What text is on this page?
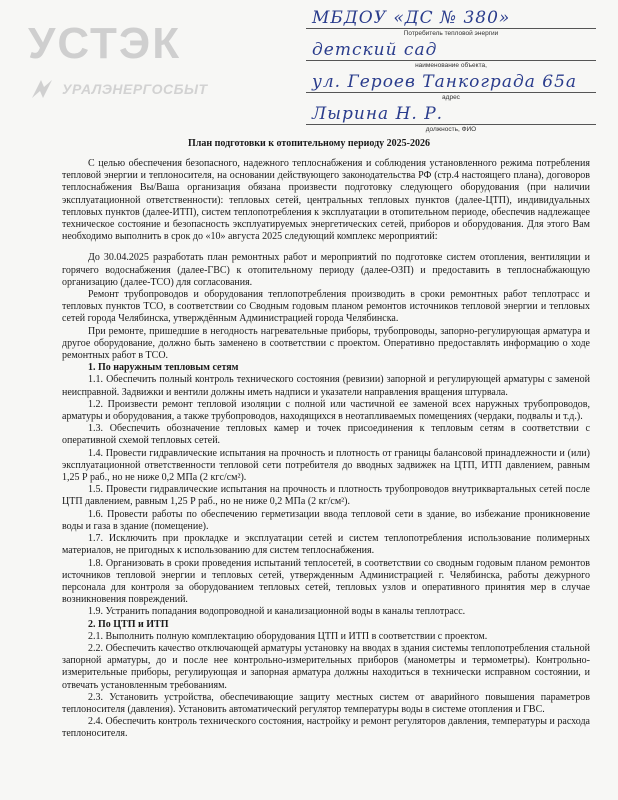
УСТЭК
УРАЛЭНЕРГОСБЫТ
МБДОУ «ДС № 380»
Потребитель тепловой энергии
детский сад
наименование объекта,
ул. Героев Танкограда 65а
адрес
Лырина Н. Р.
должность, ФИО
План подготовки к отопительному периоду 2025-2026

С целью обеспечения безопасного, надежного теплоснабжения и соблюдения установленного режима потребления тепловой энергии и теплоносителя, на основании действующего законодательства РФ (стр.4 настоящего плана), договоров теплоснабжения Вы/Ваша организация обязана произвести подготовку следующего оборудования (при наличии эксплуатационной ответственности): тепловых сетей, центральных тепловых пунктов (далее-ЦТП), индивидуальных тепловых пунктов (далее-ИТП), систем теплопотребления к эксплуатации в отопительном периоде, обеспечив надлежащее техническое состояние и безопасность эксплуатируемых энергетических сетей, приборов и оборудования. Для этого Вам необходимо выполнить в срок до «10» августа 2025 следующий комплекс мероприятий:

До 30.04.2025 разработать план ремонтных работ и мероприятий по подготовке систем отопления, вентиляции и горячего водоснабжения (далее-ГВС) к отопительному периоду (далее-ОЗП) и предоставить в теплоснабжающую организацию (далее-ТСО) для согласования.

Ремонт трубопроводов и оборудования теплопотребления производить в сроки ремонтных работ теплотрасс и тепловых пунктов ТСО, в соответствии со Сводным годовым планом ремонтов источников тепловой энергии и тепловых сетей города Челябинска, утверждённым Администрацией города Челябинска.

При ремонте, пришедшие в негодность нагревательные приборы, трубопроводы, запорно-регулирующая арматура и другое оборудование, должно быть заменено в соответствии с проектом. Оперативно предоставлять информацию о ходе ремонтных работ в ТСО.

1. По наружным тепловым сетям

1.1. Обеспечить полный контроль технического состояния (ревизии) запорной и регулирующей арматуры с заменой неисправной. Задвижки и вентили должны иметь надписи и указатели направления вращения штурвала.

1.2. Произвести ремонт тепловой изоляции с полной или частичной ее заменой всех наружных трубопроводов, арматуры и оборудования, а также трубопроводов, находящихся в неотапливаемых помещениях (чердаки, подвалы и т.д.).

1.3. Обеспечить обозначение тепловых камер и точек присоединения к тепловым сетям в соответствии с оперативной схемой тепловых сетей.

1.4. Провести гидравлические испытания на прочность и плотность от границы балансовой принадлежности и (или) эксплуатационной ответственности тепловой сети потребителя до вводных задвижек на ЦТП, ИТП давлением, равным 1,25 Р раб., но не ниже 0,2 МПа (2 кгс/см²).

1.5. Провести гидравлические испытания на прочность и плотность трубопроводов внутриквартальных сетей после ЦТП давлением, равным 1,25 Р раб., но не ниже 0,2 МПа (2 кг/см²).

1.6. Провести работы по обеспечению герметизации ввода тепловой сети в здание, во избежание проникновение воды и газа в здание (помещение).

1.7. Исключить при прокладке и эксплуатации сетей и систем теплопотребления использование полимерных материалов, не пригодных к использованию для систем теплоснабжения.

1.8. Организовать в сроки проведения испытаний теплосетей, в соответствии со сводным годовым планом ремонтов источников тепловой энергии и тепловых сетей, утвержденным Администрацией г. Челябинска, работы дежурного персонала для контроля за оборудованием тепловых сетей, тепловых узлов и оперативного принятия мер в случае возникновения повреждений.

1.9. Устранить попадания водопроводной и канализационной воды в каналы теплотрасс.

2. По ЦТП и ИТП

2.1. Выполнить полную комплектацию оборудования ЦТП и ИТП в соответствии с проектом.

2.2. Обеспечить качество отключающей арматуры установку на вводах в здания системы теплопотребления стальной запорной арматуры, до и после нее контрольно-измерительных приборов (манометры и термометры). Контрольно- измерительные приборы, регулирующая и запорная арматура должны находиться в технически исправном состоянии, и отвечать установленным требованиям.

2.3. Установить устройства, обеспечивающие защиту местных систем от аварийного повышения параметров теплоносителя (давления). Установить автоматический регулятор температуры воды в системе отопления и ГВС.

2.4. Обеспечить контроль технического состояния, настройку и ремонт регуляторов давления, температуры и расхода теплоносителя.
